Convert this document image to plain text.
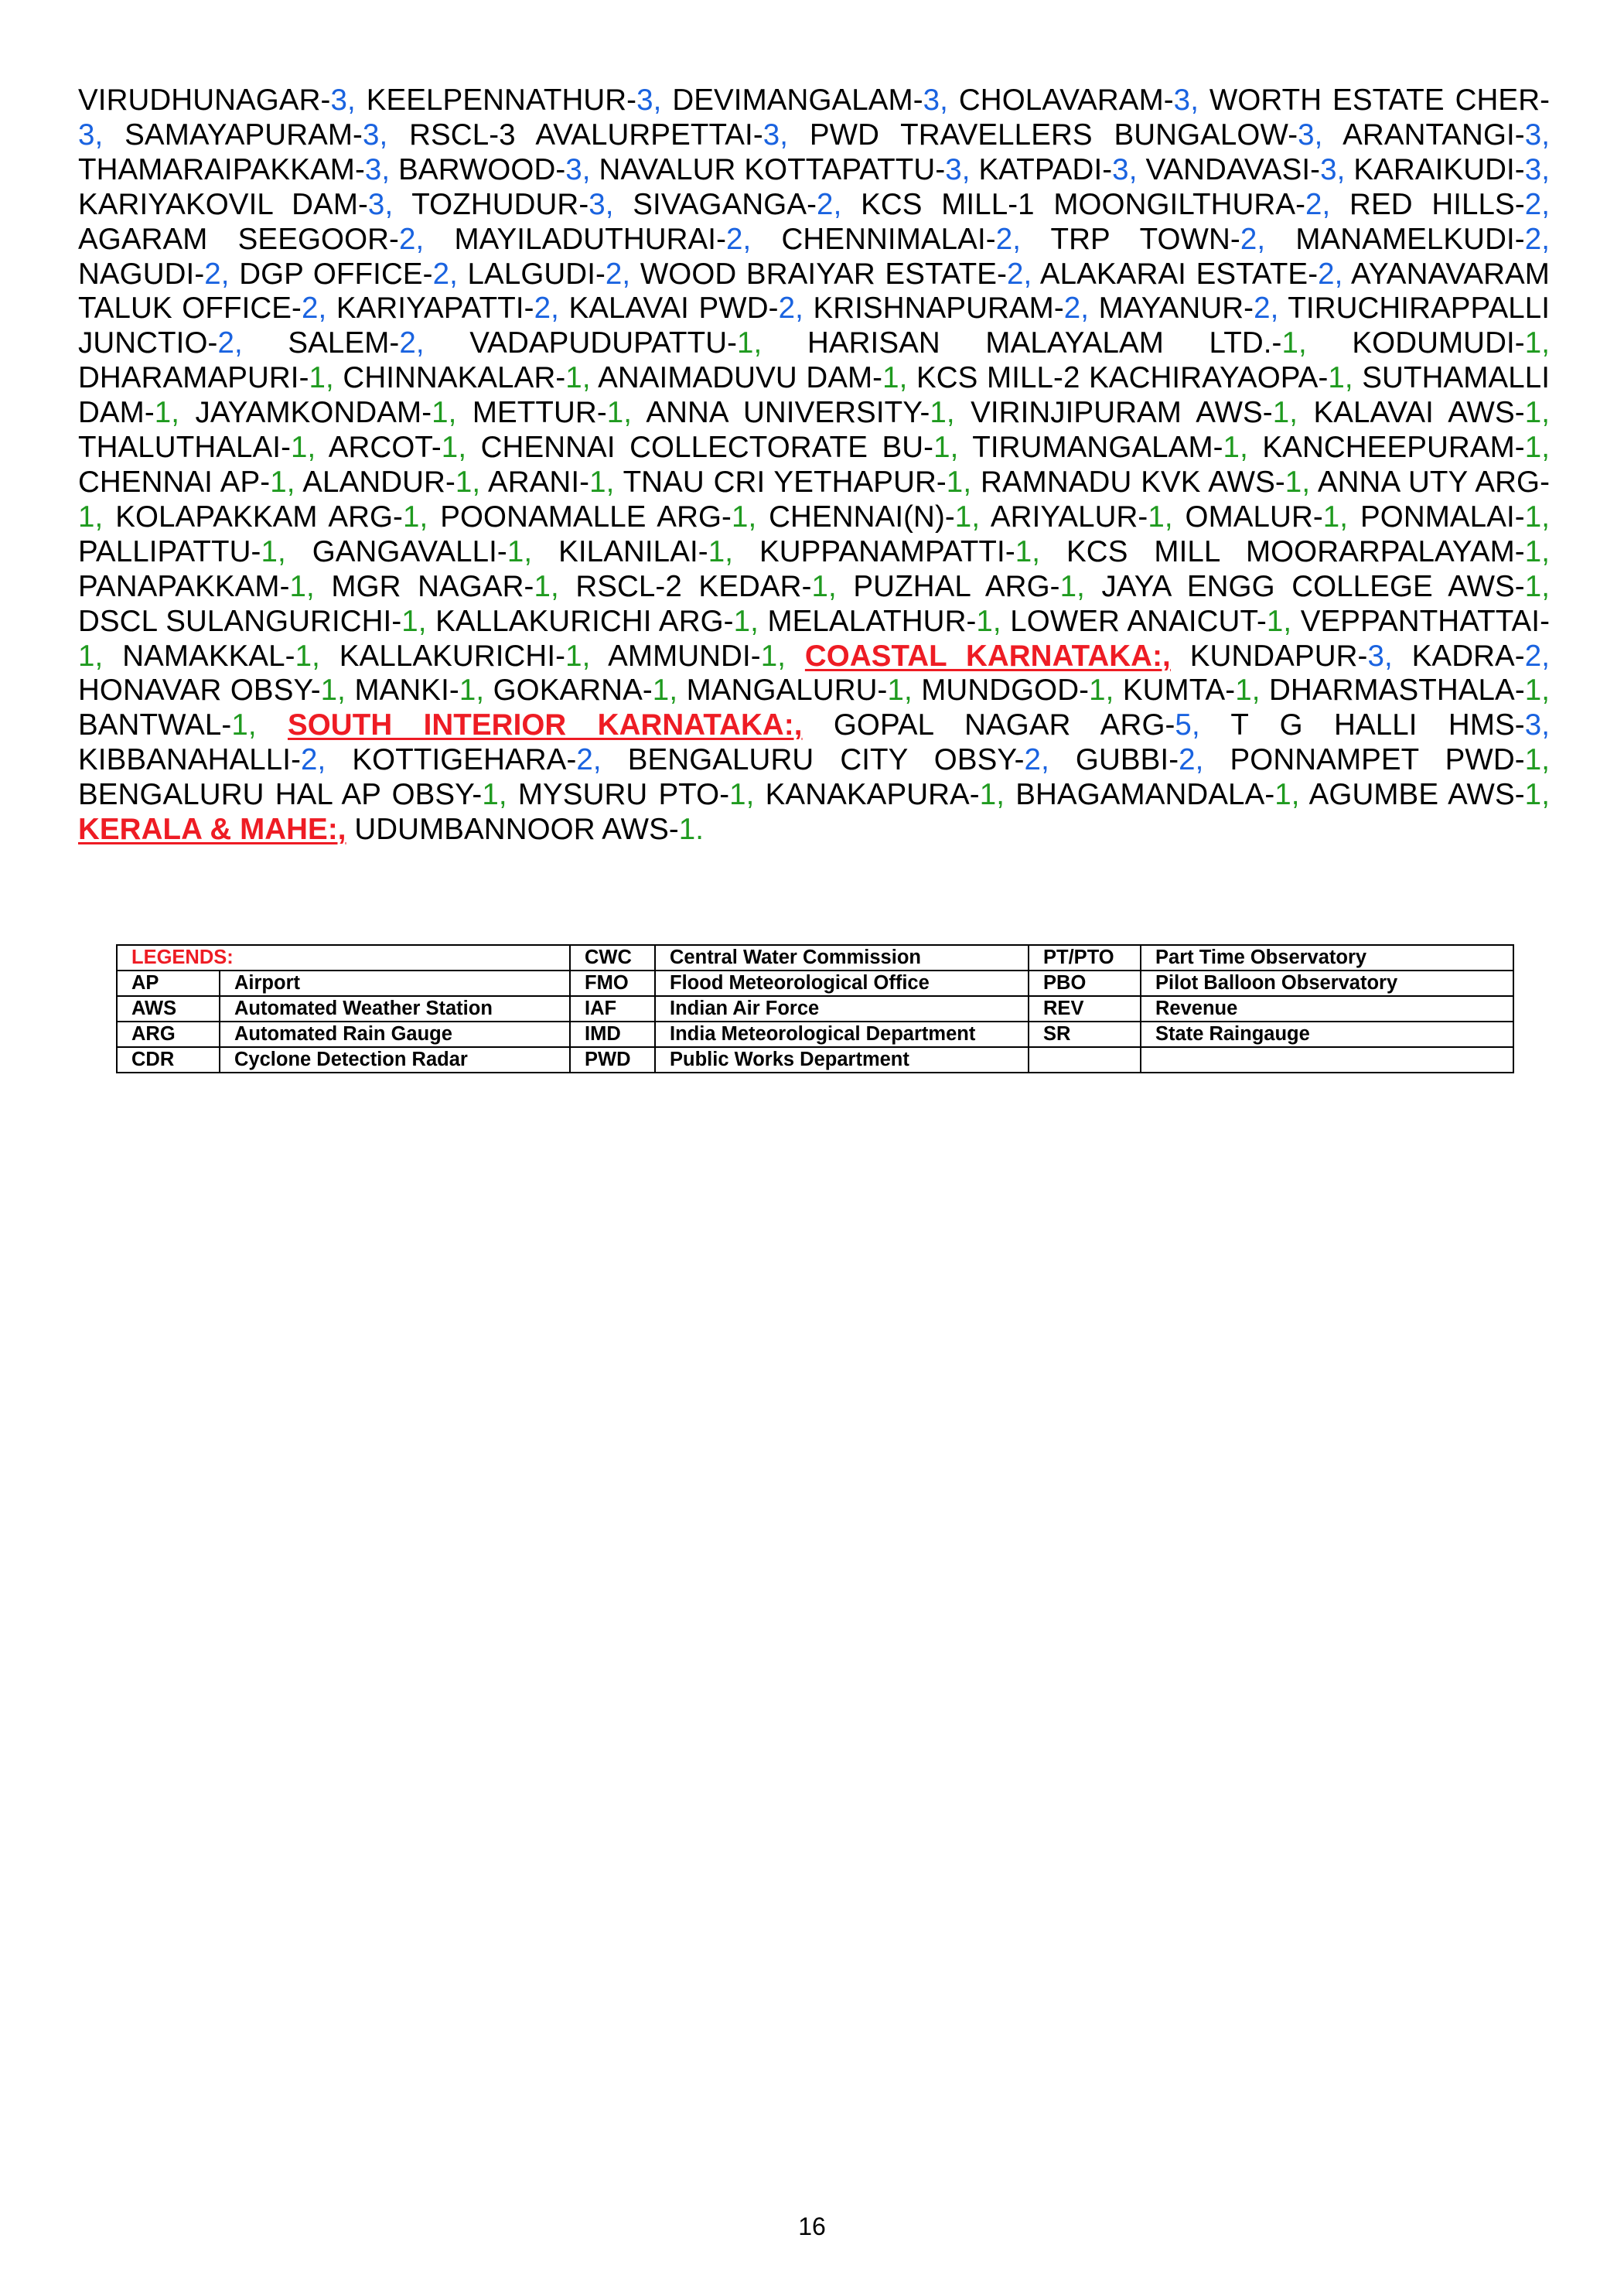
VIRUDHUNAGAR-3, KEELPENNATHUR-3, DEVIMANGALAM-3, CHOLAVARAM-3, WORTH ESTATE CHER-3, SAMAYAPURAM-3, RSCL-3 AVALURPETTAI-3, PWD TRAVELLERS BUNGALOW-3, ARANTANGI-3, THAMARAIPAKKAM-3, BARWOOD-3, NAVALUR KOTTAPATTU-3, KATPADI-3, VANDAVASI-3, KARAIKUDI-3, KARIYAKOVIL DAM-3, TOZHUDUR-3, SIVAGANGA-2, KCS MILL-1 MOONGILTHURA-2, RED HILLS-2, AGARAM SEEGOOR-2, MAYILADUTHURAI-2, CHENNIMALAI-2, TRP TOWN-2, MANAMELKUDI-2, NAGUDI-2, DGP OFFICE-2, LALGUDI-2, WOOD BRAIYAR ESTATE-2, ALAKARAI ESTATE-2, AYANAVARAM TALUK OFFICE-2, KARIYAPATTI-2, KALAVAI PWD-2, KRISHNAPURAM-2, MAYANUR-2, TIRUCHIRAPPALLI JUNCTIO-2, SALEM-2, VADAPUDUPATTU-1, HARISAN MALAYALAM LTD.-1, KODUMUDI-1, DHARAMAPURI-1, CHINNAKALAR-1, ANAIMADUVU DAM-1, KCS MILL-2 KACHIRAYAOPA-1, SUTHAMALLI DAM-1, JAYAMKONDAM-1, METTUR-1, ANNA UNIVERSITY-1, VIRINJIPURAM AWS-1, KALAVAI AWS-1, THALUTHALAI-1, ARCOT-1, CHENNAI COLLECTORATE BU-1, TIRUMANGALAM-1, KANCHEEPURAM-1, CHENNAI AP-1, ALANDUR-1, ARANI-1, TNAU CRI YETHAPUR-1, RAMNADU KVK AWS-1, ANNA UTY ARG-1, KOLAPAKKAM ARG-1, POONAMALLE ARG-1, CHENNAI(N)-1, ARIYALUR-1, OMALUR-1, PONMALAI-1, PALLIPATTU-1, GANGAVALLI-1, KILANILAI-1, KUPPANAMPATTI-1, KCS MILL MOORARPALAYAM-1, PANAPAKKAM-1, MGR NAGAR-1, RSCL-2 KEDAR-1, PUZHAL ARG-1, JAYA ENGG COLLEGE AWS-1, DSCL SULANGURICHI-1, KALLAKURICHI ARG-1, MELALATHUR-1, LOWER ANAICUT-1, VEPPANTHATTAI-1, NAMAKKAL-1, KALLAKURICHI-1, AMMUNDI-1, COASTAL KARNATAKA:, KUNDAPUR-3, KADRA-2, HONAVAR OBSY-1, MANKI-1, GOKARNA-1, MANGALURU-1, MUNDGOD-1, KUMTA-1, DHARMASTHALA-1, BANTWAL-1, SOUTH INTERIOR KARNATAKA:, GOPAL NAGAR ARG-5, T G HALLI HMS-3, KIBBANAHALLI-2, KOTTIGEHARA-2, BENGALURU CITY OBSY-2, GUBBI-2, PONNAMPET PWD-1, BENGALURU HAL AP OBSY-1, MYSURU PTO-1, KANAKAPURA-1, BHAGAMANDALA-1, AGUMBE AWS-1, KERALA & MAHE:, UDUMBANNOOR AWS-1.
LEGENDS:		CWC	Central Water Commission	PT/PTO	Part Time Observatory
AP	Airport	FMO	Flood Meteorological Office	PBO	Pilot Balloon Observatory
AWS	Automated Weather Station	IAF	Indian Air Force	REV	Revenue
ARG	Automated Rain Gauge	IMD	India Meteorological Department	SR	State Raingauge
CDR	Cyclone Detection Radar	PWD	Public Works Department		
16
